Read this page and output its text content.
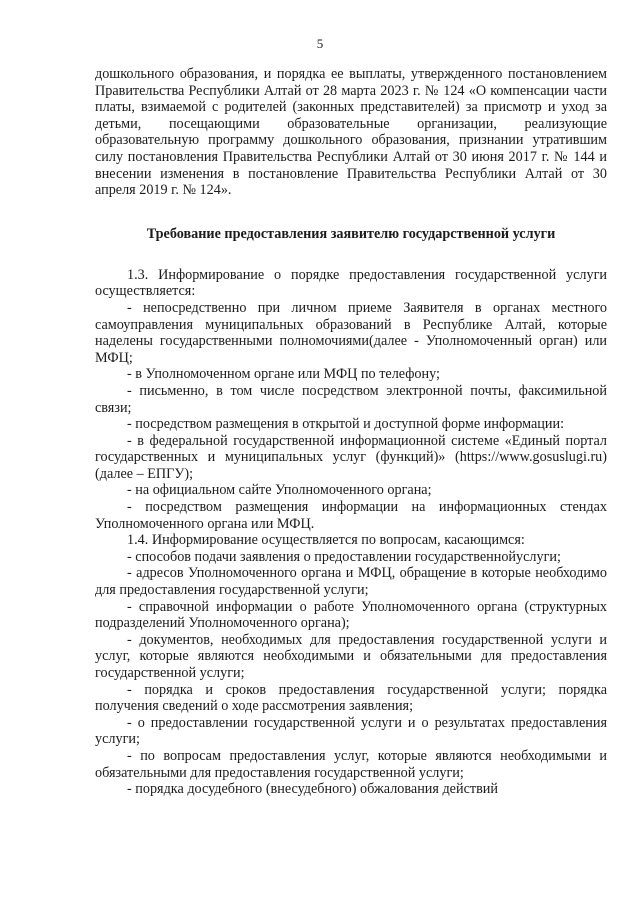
5

дошкольного образования, и порядка ее выплаты, утвержденного постановлением Правительства Республики Алтай от 28 марта 2023 г. № 124 «О компенсации части платы, взимаемой с родителей (законных представителей) за присмотр и уход за детьми, посещающими образовательные организации, реализующие образовательную программу дошкольного образования, признании утратившим силу постановления Правительства Республики Алтай от 30 июня 2017 г. № 144 и внесении изменения в постановление Правительства Республики Алтай от 30 апреля 2019 г. № 124».

Требование предоставления заявителю государственной услуги

1.3. Информирование о порядке предоставления государственной услуги осуществляется:

- непосредственно при личном приеме Заявителя в органах местного самоуправления муниципальных образований в Республике Алтай, которые наделены государственными полномочиями(далее - Уполномоченный орган) или МФЦ;

- в Уполномоченном органе или МФЦ по телефону;

- письменно, в том числе посредством электронной почты, факсимильной связи;

- посредством размещения в открытой и доступной форме информации:

- в федеральной государственной информационной системе «Единый портал государственных и муниципальных услуг (функций)» (https://www.gosuslugi.ru) (далее – ЕПГУ);

- на официальном сайте Уполномоченного органа;

- посредством размещения информации на информационных стендах Уполномоченного органа или МФЦ.

1.4. Информирование осуществляется по вопросам, касающимся:

- способов подачи заявления о предоставлении государственнойуслуги;

- адресов Уполномоченного органа и МФЦ, обращение в которые необходимо для предоставления государственной услуги;

- справочной информации о работе Уполномоченного органа (структурных подразделений Уполномоченного органа);

- документов, необходимых для предоставления государственной услуги и услуг, которые являются необходимыми и обязательными для предоставления государственной услуги;

- порядка и сроков предоставления государственной услуги; порядка получения сведений о ходе рассмотрения заявления;

- о предоставлении государственной услуги и о результатах предоставления услуги;

- по вопросам предоставления услуг, которые являются необходимыми и обязательными для предоставления государственной услуги;

- порядка досудебного (внесудебного) обжалования действий
